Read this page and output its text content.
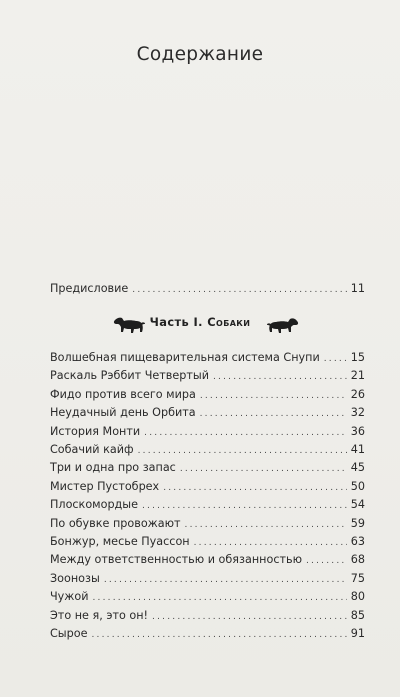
Содержание
Предисловие .....	11
Часть I. Собаки
Волшебная пищеварительная система Снупи .....	15
Раскаль Рэббит Четвертый .....	21
Фидо против всего мира .....	26
Неудачный день Орбита .....	32
История Монти .....	36
Собачий кайф .....	41
Три и одна про запас .....	45
Мистер Пустобрех .....	50
Плоскомордые .....	54
По обувке провожают .....	59
Бонжур, месье Пуассон .....	63
Между ответственностью и обязанностью .....	68
Зоонозы .....	75
Чужой .....	80
Это не я, это он! .....	85
Сырое .....	91
